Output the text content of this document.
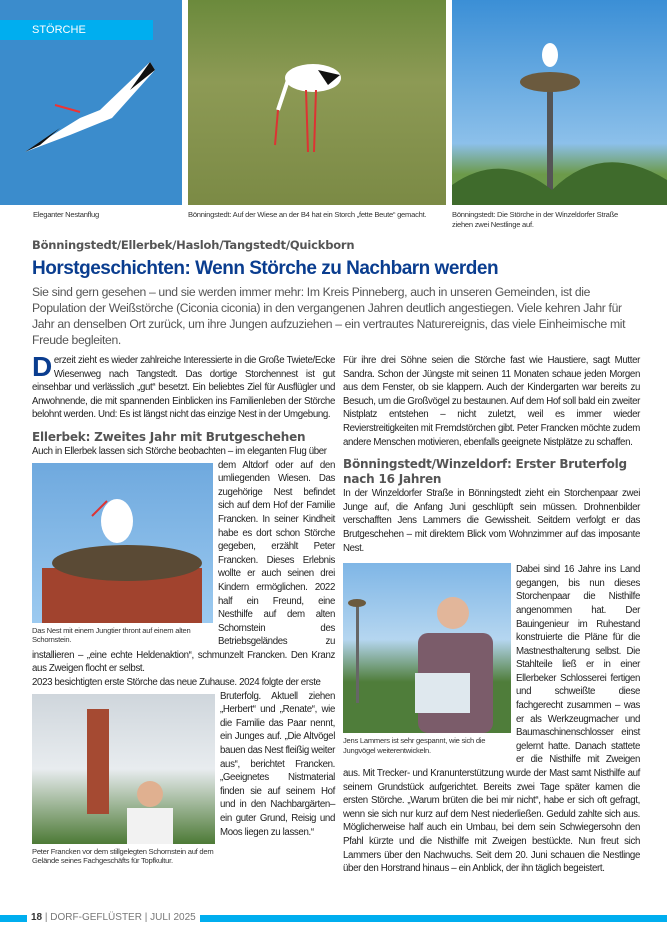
STÖRCHE
Eleganter Nestanflug	Bönningstedt: Auf der Wiese an der B4 hat ein Storch „fette Beute“ gemacht.	Bönningstedt: Die Störche in der Winzeldorfer Straße ziehen zwei Nestlinge auf.
Bönningstedt/Ellerbek/Hasloh/Tangstedt/Quickborn
Horstgeschichten: Wenn Störche zu Nachbarn werden
Sie sind gern gesehen – und sie werden immer mehr: Im Kreis Pinneberg, auch in unseren Gemeinden, ist die Population der Weißstörche (Ciconia ciconia) in den vergangenen Jahren deutlich angestiegen. Viele kehren Jahr für Jahr an denselben Ort zurück, um ihre Jungen aufzuziehen – ein vertrautes Naturereignis, das viele Einheimische mit Freude begleiten.
Derzeit zieht es wieder zahlreiche Interessierte in die Große Twiete/Ecke Wiesenweg nach Tangstedt. Das dortige Storchennest ist gut einsehbar und verlässlich „gut“ besetzt. Ein beliebtes Ziel für Ausflügler und Anwohnende, die mit spannenden Einblicken ins Familienleben der Störche belohnt werden. Und: Es ist längst nicht das einzige Nest in der Umgebung.
Ellerbek: Zweites Jahr mit Brutgeschehen
Auch in Ellerbek lassen sich Störche beobachten – im eleganten Flug über
Das Nest mit einem Jungtier thront auf einem alten Schornstein.
dem Altdorf oder auf den umliegenden Wiesen. Das zugehörige Nest befindet sich auf dem Hof der Familie Francken. In seiner Kindheit habe es dort schon Störche gegeben, erzählt Peter Francken. Dieses Erlebnis wollte er auch seinen drei Kindern ermöglichen. 2022 half ein Freund, eine Nesthilfe auf dem alten Schornstein des Betriebsgeländes zu installieren – „eine echte Heldenaktion“, schmunzelt Francken. Den Kranz aus Zweigen flocht er selbst.
2023 besichtigten erste Störche das neue Zuhause. 2024 folgte der erste
Peter Francken vor dem stillgelegten Schornstein auf dem Gelände seines Fachgeschäfts für Topfkultur.
Bruterfolg. Aktuell ziehen „Herbert“ und „Renate“, wie die Familie das Paar nennt, ein Junges auf. „Die Altvögel bauen das Nest fleißig weiter aus“, berichtet Francken. „Geeignetes Nistmaterial finden sie auf seinem Hof und in den Nachbargärten– ein guter Grund, Reisig und Moos liegen zu lassen.“
Für ihre drei Söhne seien die Störche fast wie Haustiere, sagt Mutter Sandra. Schon der Jüngste mit seinen 11 Monaten schaue jeden Morgen aus dem Fenster, ob sie klappern. Auch der Kindergarten war bereits zu Besuch, um die Großvögel zu bestaunen. Auf dem Hof soll bald ein zweiter Nistplatz entstehen – nicht zuletzt, weil es immer wieder Revierstreitigkeiten mit Fremdstörchen gibt. Peter Francken möchte zudem andere Menschen motivieren, ebenfalls geeignete Nistplätze zu schaffen.
Bönningstedt/Winzeldorf: Erster Bruterfolg nach 16 Jahren
In der Winzeldorfer Straße in Bönningstedt zieht ein Storchenpaar zwei Junge auf, die Anfang Juni geschlüpft sein müssen. Drohnenbilder verschafften Jens Lammers die Gewissheit. Seitdem verfolgt er das Brutgeschehen – mit direktem Blick vom Wohnzimmer auf das imposante Nest.
Jens Lammers ist sehr gespannt, wie sich die Jungvögel weiterentwickeln.
Dabei sind 16 Jahre ins Land gegangen, bis nun dieses Storchenpaar die Nisthilfe angenommen hat. Der Bauingenieur im Ruhestand konstruierte die Pläne für die Mastnesthalterung selbst. Die Stahlteile ließ er in einer Ellerbeker Schlosserei fertigen und schweißte diese fachgerecht zusammen – was er als Werkzeugmacher und Baumaschinenschlosser einst gelernt hatte. Danach stattete er die Nisthilfe mit Zweigen aus. Mit Trecker- und Kranunterstützung wurde der Mast samt Nisthilfe auf seinem Grundstück aufgerichtet. Bereits zwei Tage später kamen die ersten Störche. „Warum brüten die bei mir nicht“, habe er sich oft gefragt, wenn sie sich nur kurz auf dem Nest niederließen. Geduld zahlte sich aus. Möglicherweise half auch ein Umbau, bei dem sein Schwiegersohn den Pfahl kürzte und die Nisthilfe mit Zweigen bestückte. Nun freut sich Lammers über den Nachwuchs. Seit dem 20. Juni schauen die Nestlinge über den Horstrand hinaus – ein Anblick, der ihn täglich begeistert.
18 | DORF-GEFLÜSTER | JULI 2025
